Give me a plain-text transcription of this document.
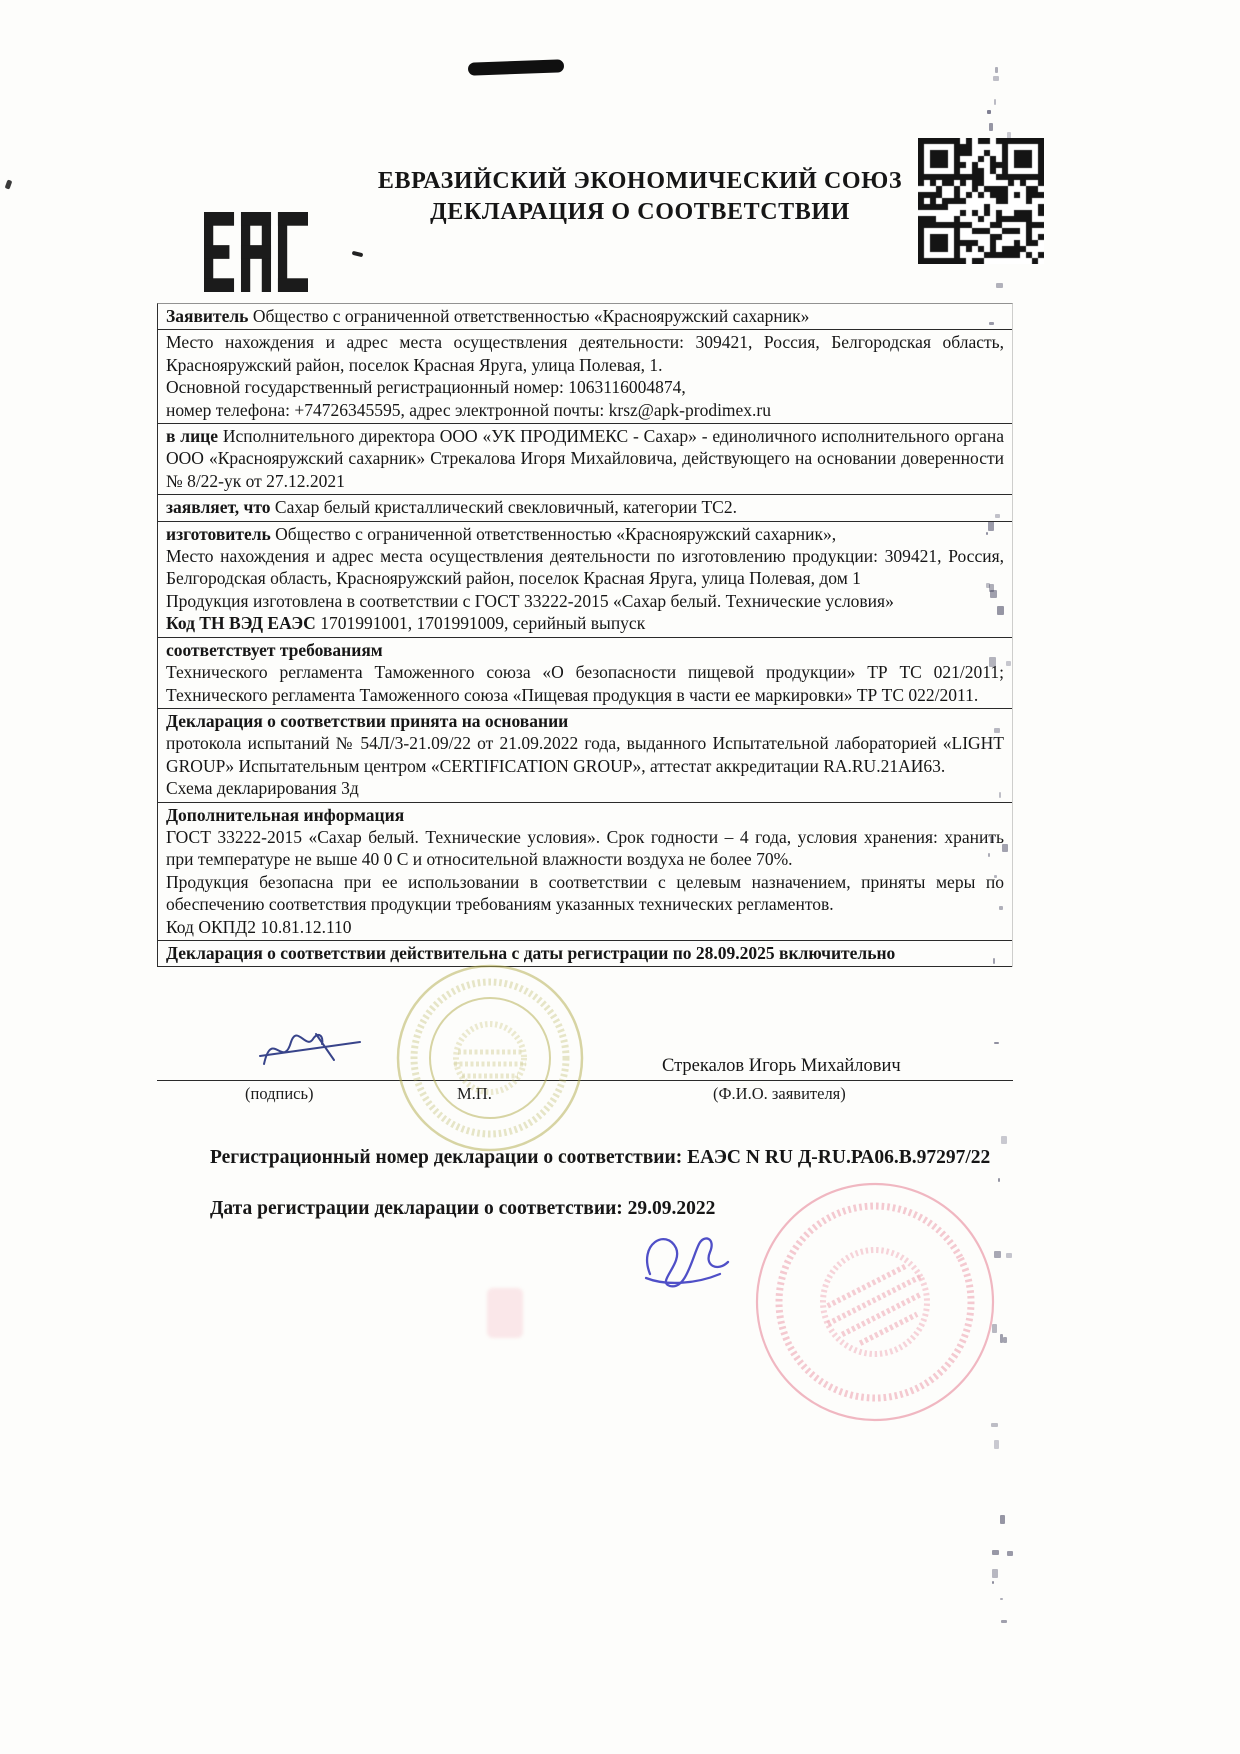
ЕВРАЗИЙСКИЙ ЭКОНОМИЧЕСКИЙ СОЮЗ
ДЕКЛАРАЦИЯ О СООТВЕТСТВИИ

Заявитель Общество с ограниченной ответственностью «Краснояружский сахарник»

Место нахождения и адрес места осуществления деятельности: 309421, Россия, Белгородская область, Краснояружский район, поселок Красная Яруга, улица Полевая, 1.

Основной государственный регистрационный номер: 1063116004874,

номер телефона: +74726345595, адрес электронной почты: krsz@apk-prodimex.ru

в лице Исполнительного директора ООО «УК ПРОДИМЕКС - Сахар» - единоличного исполнительного органа ООО «Краснояружский сахарник» Стрекалова Игоря Михайловича, действующего на основании доверенности № 8/22-ук от 27.12.2021

заявляет, что Сахар белый кристаллический свекловичный, категории ТС2.

изготовитель Общество с ограниченной ответственностью «Краснояружский сахарник»,

Место нахождения и адрес места осуществления деятельности по изготовлению продукции: 309421, Россия, Белгородская область, Краснояружский район, поселок Красная Яруга, улица Полевая, дом 1

Продукция изготовлена в соответствии с ГОСТ 33222-2015 «Сахар белый. Технические условия»

Код ТН ВЭД ЕАЭС 1701991001, 1701991009, серийный выпуск

соответствует требованиям

Технического регламента Таможенного союза «О безопасности пищевой продукции» ТР ТС 021/2011; Технического регламента Таможенного союза «Пищевая продукция в части ее маркировки» ТР ТС 022/2011.

Декларация о соответствии принята на основании

протокола испытаний № 54Л/3-21.09/22 от 21.09.2022 года, выданного Испытательной лабораторией «LIGHT GROUP» Испытательным центром «CERTIFICATION GROUP», аттестат аккредитации RA.RU.21АИ63.

Схема декларирования 3д

Дополнительная информация

ГОСТ 33222-2015 «Сахар белый. Технические условия». Срок годности – 4 года, условия хранения: хранить при температуре не выше 40 0 С и относительной влажности воздуха не более 70%.

Продукция безопасна при ее использовании в соответствии с целевым назначением, приняты меры по обеспечению соответствия продукции требованиям указанных технических регламентов.

Код ОКПД2 10.81.12.110

Декларация о соответствии действительна с даты регистрации по 28.09.2025 включительно

Стрекалов Игорь Михайлович
(подпись)	М.П.	(Ф.И.О. заявителя)
Регистрационный номер декларации о соответствии: ЕАЭС N RU Д-RU.РА06.В.97297/22
Дата регистрации декларации о соответствии: 29.09.2022
